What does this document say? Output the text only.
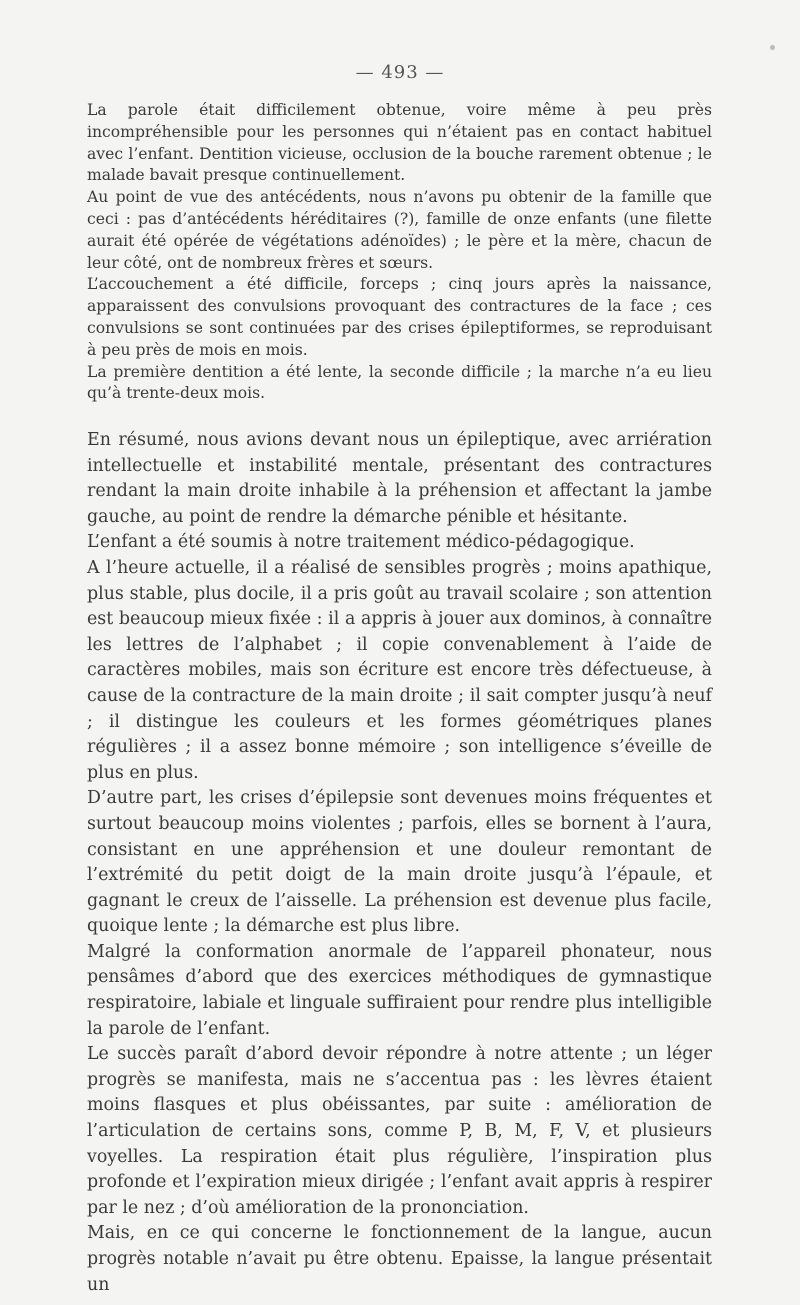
— 493 —

La parole était difficilement obtenue, voire même à peu près incompréhensible pour les personnes qui n’étaient pas en contact habituel avec l’enfant. Dentition vicieuse, occlusion de la bouche rarement obtenue ; le malade bavait presque continuellement.

Au point de vue des antécédents, nous n’avons pu obtenir de la famille que ceci : pas d’antécédents héréditaires (?), famille de onze enfants (une filette aurait été opérée de végétations adénoïdes) ; le père et la mère, chacun de leur côté, ont de nombreux frères et sœurs.

L’accouchement a été difficile, forceps ; cinq jours après la naissance, apparaissent des convulsions provoquant des contractures de la face ; ces convulsions se sont continuées par des crises épileptiformes, se reproduisant à peu près de mois en mois.

La première dentition a été lente, la seconde difficile ; la marche n’a eu lieu qu’à trente-deux mois.

En résumé, nous avions devant nous un épileptique, avec arriération intellectuelle et instabilité mentale, présentant des contractures rendant la main droite inhabile à la préhension et affectant la jambe gauche, au point de rendre la démarche pénible et hésitante.

L’enfant a été soumis à notre traitement médico-pédagogique.

A l’heure actuelle, il a réalisé de sensibles progrès ; moins apathique, plus stable, plus docile, il a pris goût au travail scolaire ; son attention est beaucoup mieux fixée : il a appris à jouer aux dominos, à connaître les lettres de l’alphabet ; il copie convenablement à l’aide de caractères mobiles, mais son écriture est encore très défectueuse, à cause de la contracture de la main droite ; il sait compter jusqu’à neuf ; il distingue les couleurs et les formes géométriques planes régulières ; il a assez bonne mémoire ; son intelligence s’éveille de plus en plus.

D’autre part, les crises d’épilepsie sont devenues moins fréquentes et surtout beaucoup moins violentes ; parfois, elles se bornent à l’aura, consistant en une appréhension et une douleur remontant de l’extrémité du petit doigt de la main droite jusqu’à l’épaule, et gagnant le creux de l’aisselle. La préhension est devenue plus facile, quoique lente ; la démarche est plus libre.

Malgré la conformation anormale de l’appareil phonateur, nous pensâmes d’abord que des exercices méthodiques de gymnastique respiratoire, labiale et linguale suffiraient pour rendre plus intelligible la parole de l’enfant.

Le succès paraît d’abord devoir répondre à notre attente ; un léger progrès se manifesta, mais ne s’accentua pas : les lèvres étaient moins flasques et plus obéissantes, par suite : amélioration de l’articulation de certains sons, comme P, B, M, F, V, et plusieurs voyelles. La respiration était plus régulière, l’inspiration plus profonde et l’expiration mieux dirigée ; l’enfant avait appris à respirer par le nez ; d’où amélioration de la prononciation.

Mais, en ce qui concerne le fonctionnement de la langue, aucun progrès notable n’avait pu être obtenu. Epaisse, la langue présentait un
